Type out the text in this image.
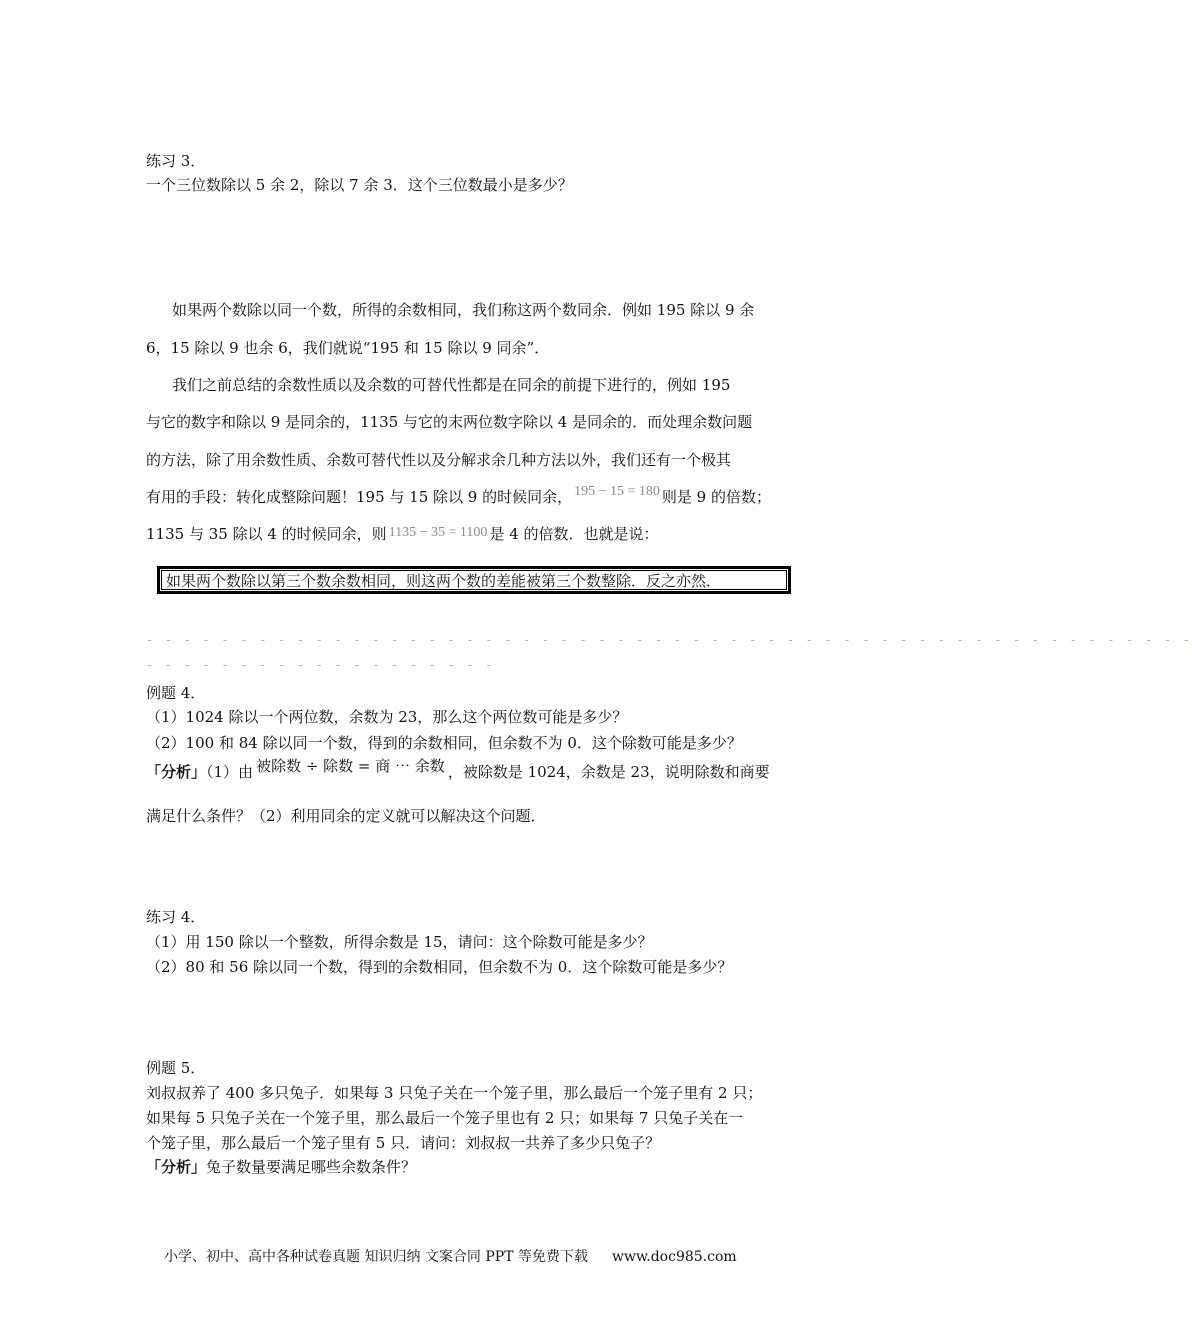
练习 3．
一个三位数除以 5 余 2，除以 7 余 3．这个三位数最小是多少？
如果两个数除以同一个数，所得的余数相同，我们称这两个数同余．例如 195 除以 9 余
6，15 除以 9 也余 6，我们就说“195 和 15 除以 9 同余”．
我们之前总结的余数性质以及余数的可替代性都是在同余的前提下进行的，例如 195
与它的数字和除以 9 是同余的，1135 与它的末两位数字除以 4 是同余的．而处理余数问题
的方法，除了用余数性质、余数可替代性以及分解求余几种方法以外，我们还有一个极其
有用的手段：转化成整除问题！195 与 15 除以 9 的时候同余， 195 − 15 = 180 则是 9 的倍数；
1135 与 35 除以 4 的时候同余，则 1135 − 35 = 1100 是 4 的倍数．也就是说：
如果两个数除以第三个数余数相同，则这两个数的差能被第三个数整除．反之亦然．
- - - - - - - - - - - - - - - - - - - - - - - - - - - - - - - - - - - - - - - - - - - - - - - - - - - - - - - -
- - - - - - - - - - - - - - - - - - -
例题 4．
（1）1024 除以一个两位数，余数为 23，那么这个两位数可能是多少？
（2）100 和 84 除以同一个数，得到的余数相同，但余数不为 0．这个除数可能是多少？
「分析」（1）由 被除数 ÷ 除数 = 商 ⋯ 余数 ，被除数是 1024，余数是 23，说明除数和商要
满足什么条件？（2）利用同余的定义就可以解决这个问题．
练习 4．
（1）用 150 除以一个整数，所得余数是 15，请问：这个除数可能是多少？
（2）80 和 56 除以同一个数，得到的余数相同，但余数不为 0．这个除数可能是多少？
例题 5．
刘叔叔养了 400 多只兔子．如果每 3 只兔子关在一个笼子里，那么最后一个笼子里有 2 只；
如果每 5 只兔子关在一个笼子里，那么最后一个笼子里也有 2 只；如果每 7 只兔子关在一
个笼子里，那么最后一个笼子里有 5 只．请问：刘叔叔一共养了多少只兔子？
「分析」兔子数量要满足哪些余数条件？
小学、初中、高中各种试卷真题 知识归纳 文案合同 PPT 等免费下载 www.doc985.com
